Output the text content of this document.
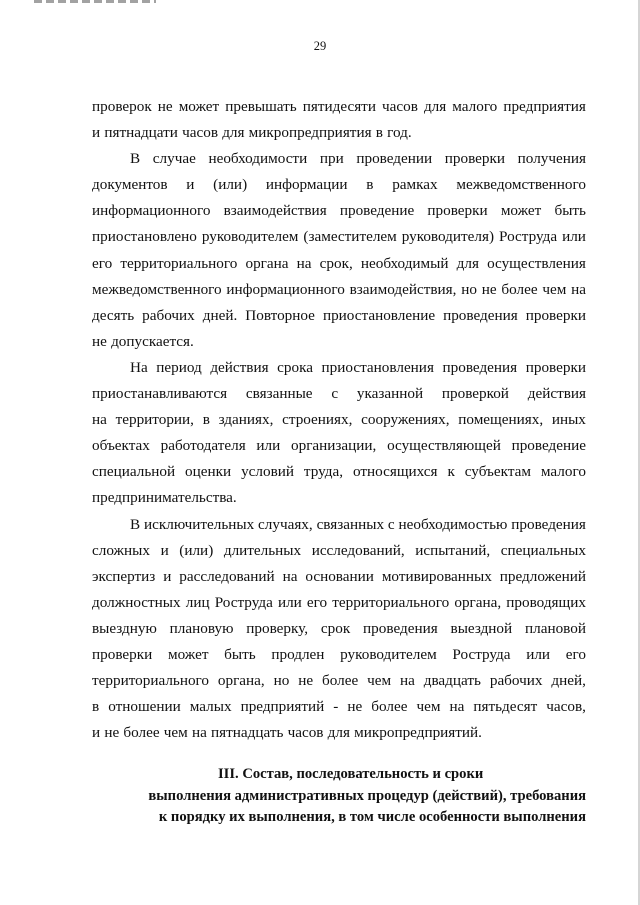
29
проверок не может превышать пятидесяти часов для малого предприятия
и пятнадцати часов для микропредприятия в год.
В случае необходимости при проведении проверки получения
документов и (или) информации в рамках межведомственного
информационного взаимодействия проведение проверки может быть
приостановлено руководителем (заместителем руководителя) Роструда или
его территориального органа на срок, необходимый для осуществления
межведомственного информационного взаимодействия, но не более чем на
десять рабочих дней. Повторное приостановление проведения проверки
не допускается.
На период действия срока приостановления проведения проверки
приостанавливаются связанные с указанной проверкой действия
на территории, в зданиях, строениях, сооружениях, помещениях, иных
объектах работодателя или организации, осуществляющей проведение
специальной оценки условий труда, относящихся к субъектам малого
предпринимательства.
В исключительных случаях, связанных с необходимостью проведения
сложных и (или) длительных исследований, испытаний, специальных
экспертиз и расследований на основании мотивированных предложений
должностных лиц Роструда или его территориального органа, проводящих
выездную плановую проверку, срок проведения выездной плановой
проверки может быть продлен руководителем Роструда или его
территориального органа, но не более чем на двадцать рабочих дней,
в отношении малых предприятий - не более чем на пятьдесят часов,
и не более чем на пятнадцать часов для микропредприятий.
III. Состав, последовательность и сроки
выполнения административных процедур (действий), требования
к порядку их выполнения, в том числе особенности выполнения
